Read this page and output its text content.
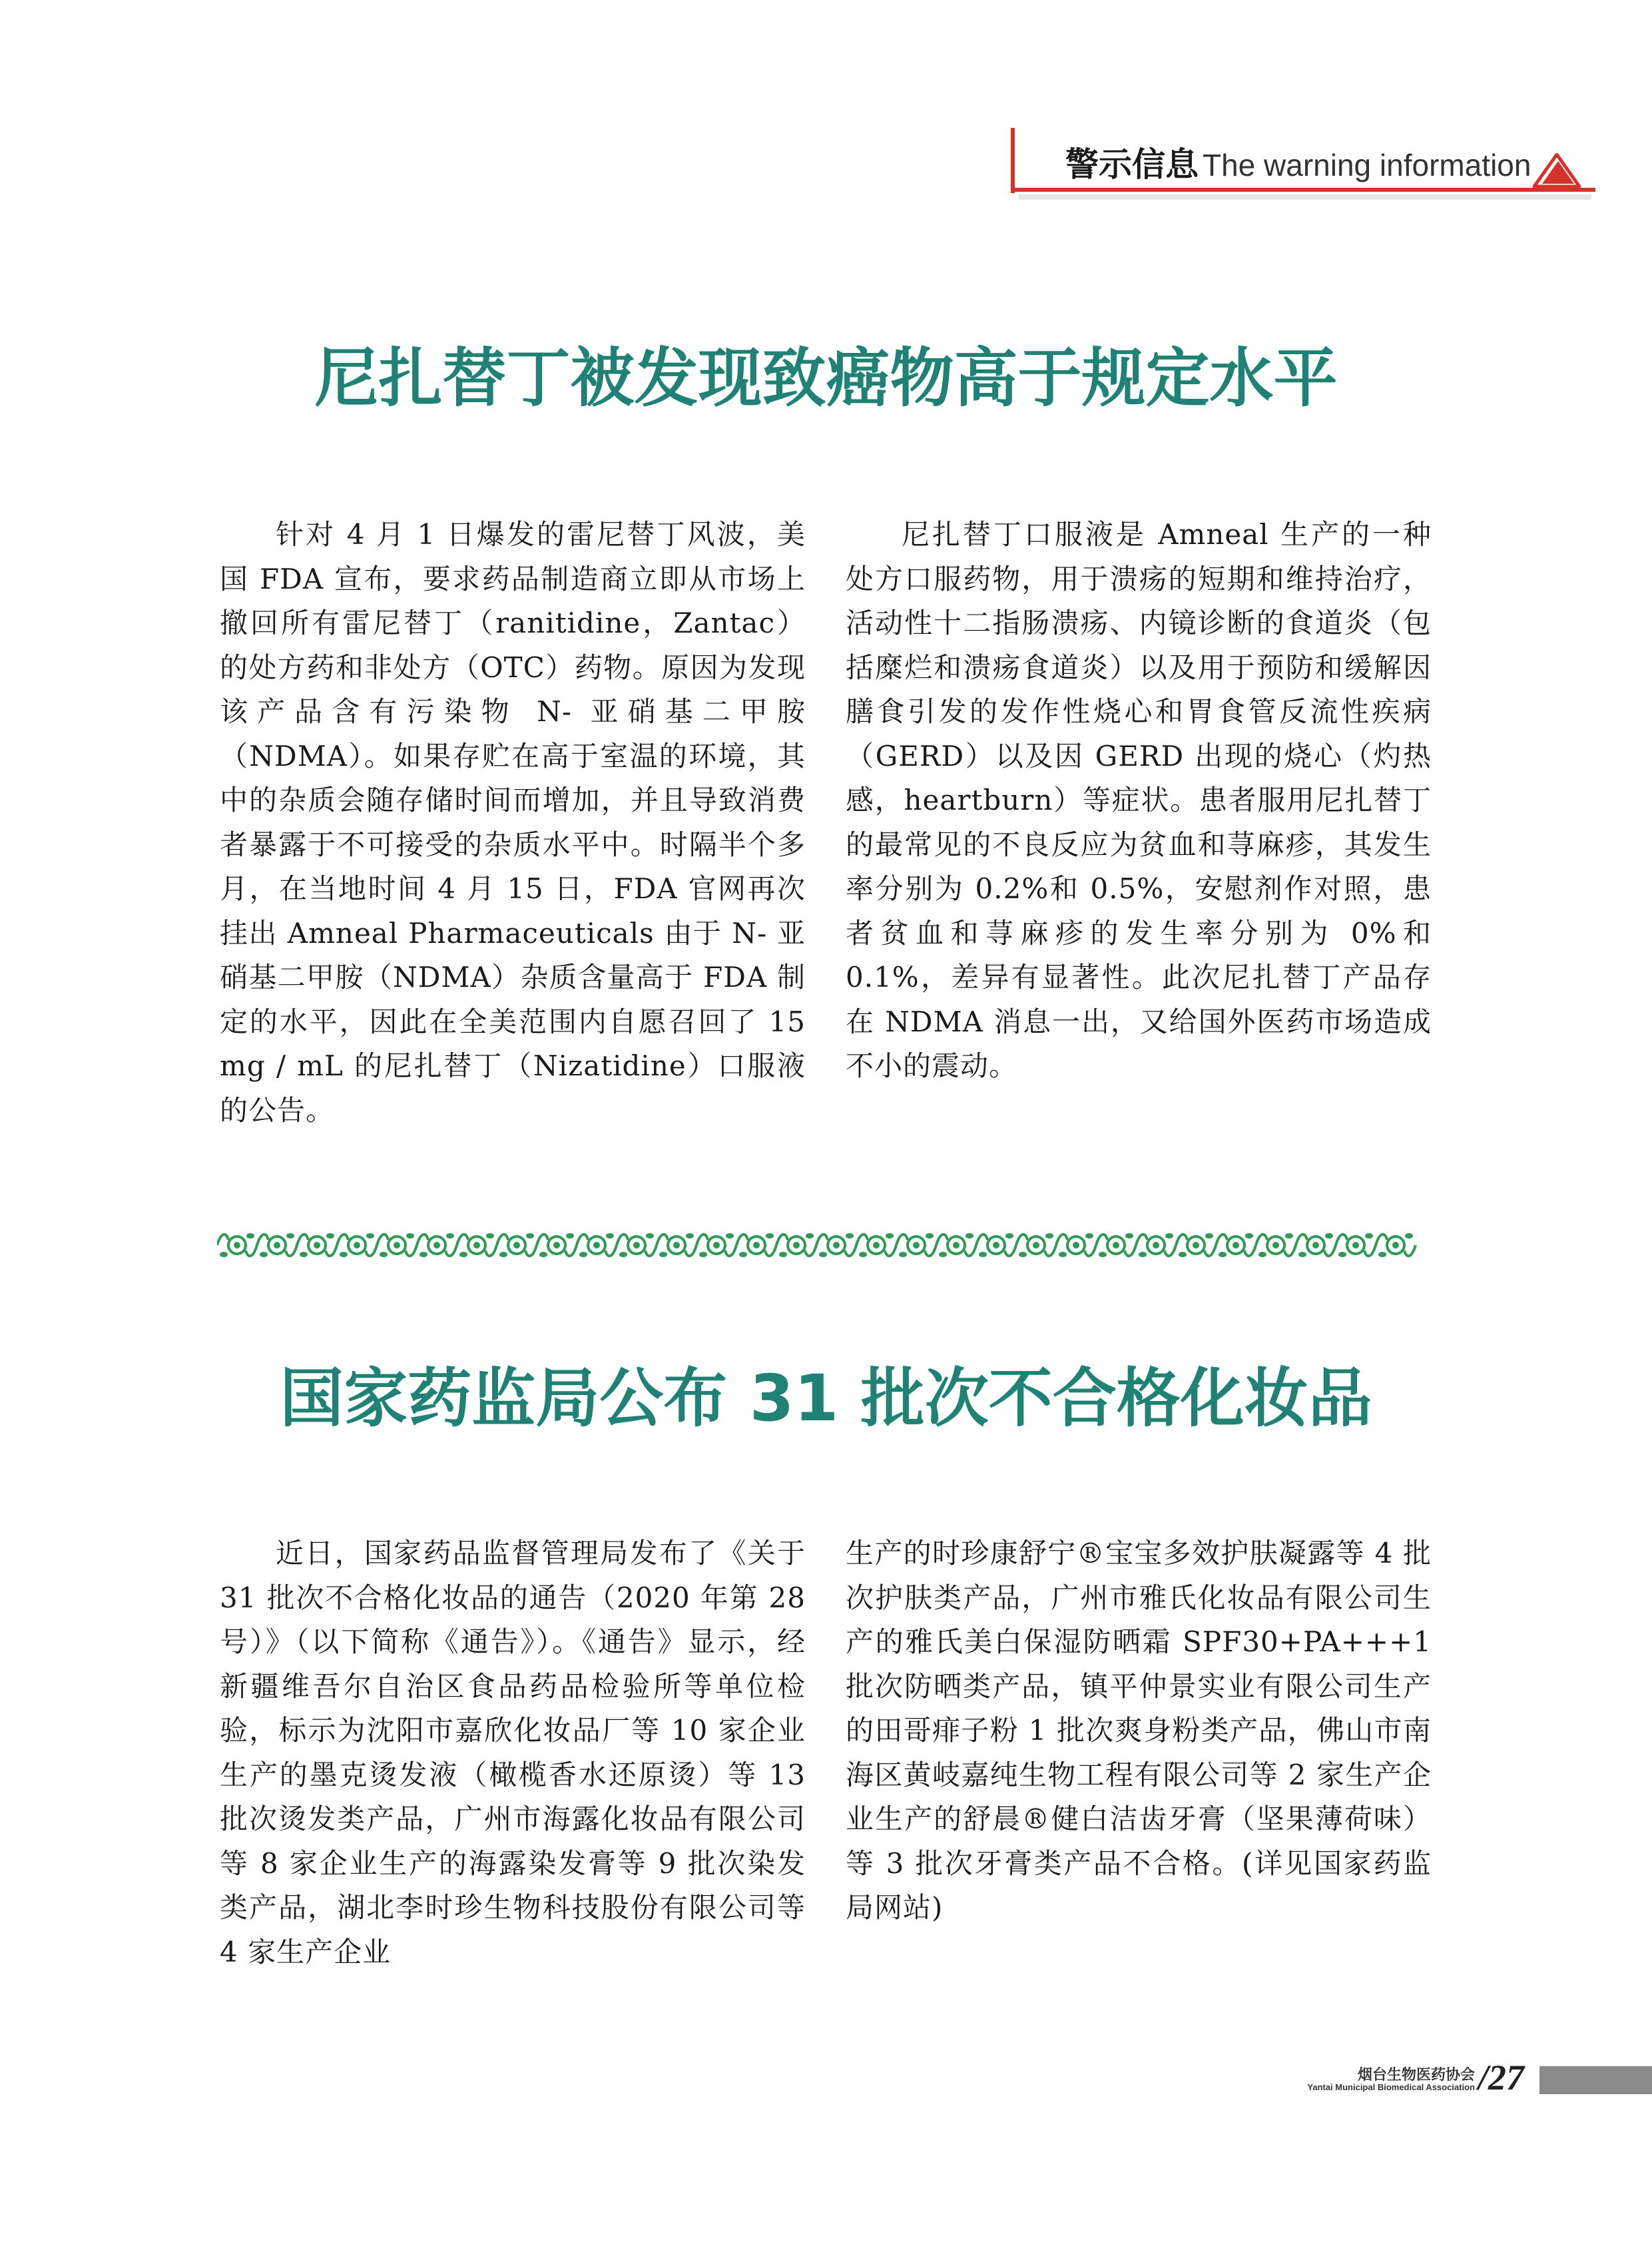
警示信息 The warning information
尼扎替丁被发现致癌物高于规定水平

针对 4 月 1 日爆发的雷尼替丁风波，美国 FDA 宣布，要求药品制造商立即从市场上撤回所有雷尼替丁（ranitidine，Zantac）的处方药和非处方（OTC）药物。原因为发现该产品含有污染物 N- 亚硝基二甲胺（NDMA）。如果存贮在高于室温的环境，其中的杂质会随存储时间而增加，并且导致消费者暴露于不可接受的杂质水平中。时隔半个多月，在当地时间 4 月 15 日，FDA 官网再次挂出 Amneal Pharmaceuticals 由于 N- 亚硝基二甲胺（NDMA）杂质含量高于 FDA 制定的水平，因此在全美范围内自愿召回了 15 mg / mL 的尼扎替丁（Nizatidine）口服液的公告。

尼扎替丁口服液是 Amneal 生产的一种处方口服药物，用于溃疡的短期和维持治疗，活动性十二指肠溃疡、内镜诊断的食道炎（包括糜烂和溃疡食道炎）以及用于预防和缓解因膳食引发的发作性烧心和胃食管反流性疾病（GERD）以及因 GERD 出现的烧心（灼热感，heartburn）等症状。患者服用尼扎替丁的最常见的不良反应为贫血和荨麻疹，其发生率分别为 0.2%和 0.5%，安慰剂作对照，患者贫血和荨麻疹的发生率分别为 0%和 0.1%，差异有显著性。此次尼扎替丁产品存在 NDMA 消息一出，又给国外医药市场造成不小的震动。

国家药监局公布 31 批次不合格化妆品

近日，国家药品监督管理局发布了《关于 31 批次不合格化妆品的通告（2020 年第 28 号）》（以下简称《通告》）。《通告》显示，经新疆维吾尔自治区食品药品检验所等单位检验，标示为沈阳市嘉欣化妆品厂等 10 家企业生产的墨克烫发液（橄榄香水还原烫）等 13 批次烫发类产品，广州市海露化妆品有限公司等 8 家企业生产的海露染发膏等 9 批次染发类产品，湖北李时珍生物科技股份有限公司等 4 家生产企业

生产的时珍康舒宁®宝宝多效护肤凝露等 4 批次护肤类产品，广州市雅氏化妆品有限公司生产的雅氏美白保湿防晒霜 SPF30+PA+++1 批次防晒类产品，镇平仲景实业有限公司生产的田哥痱子粉 1 批次爽身粉类产品，佛山市南海区黄岐嘉纯生物工程有限公司等 2 家生产企业生产的舒晨®健白洁齿牙膏（坚果薄荷味）等 3 批次牙膏类产品不合格。(详见国家药监局网站)

烟台生物医药协会
Yantai Municipal Biomedical Association /27
